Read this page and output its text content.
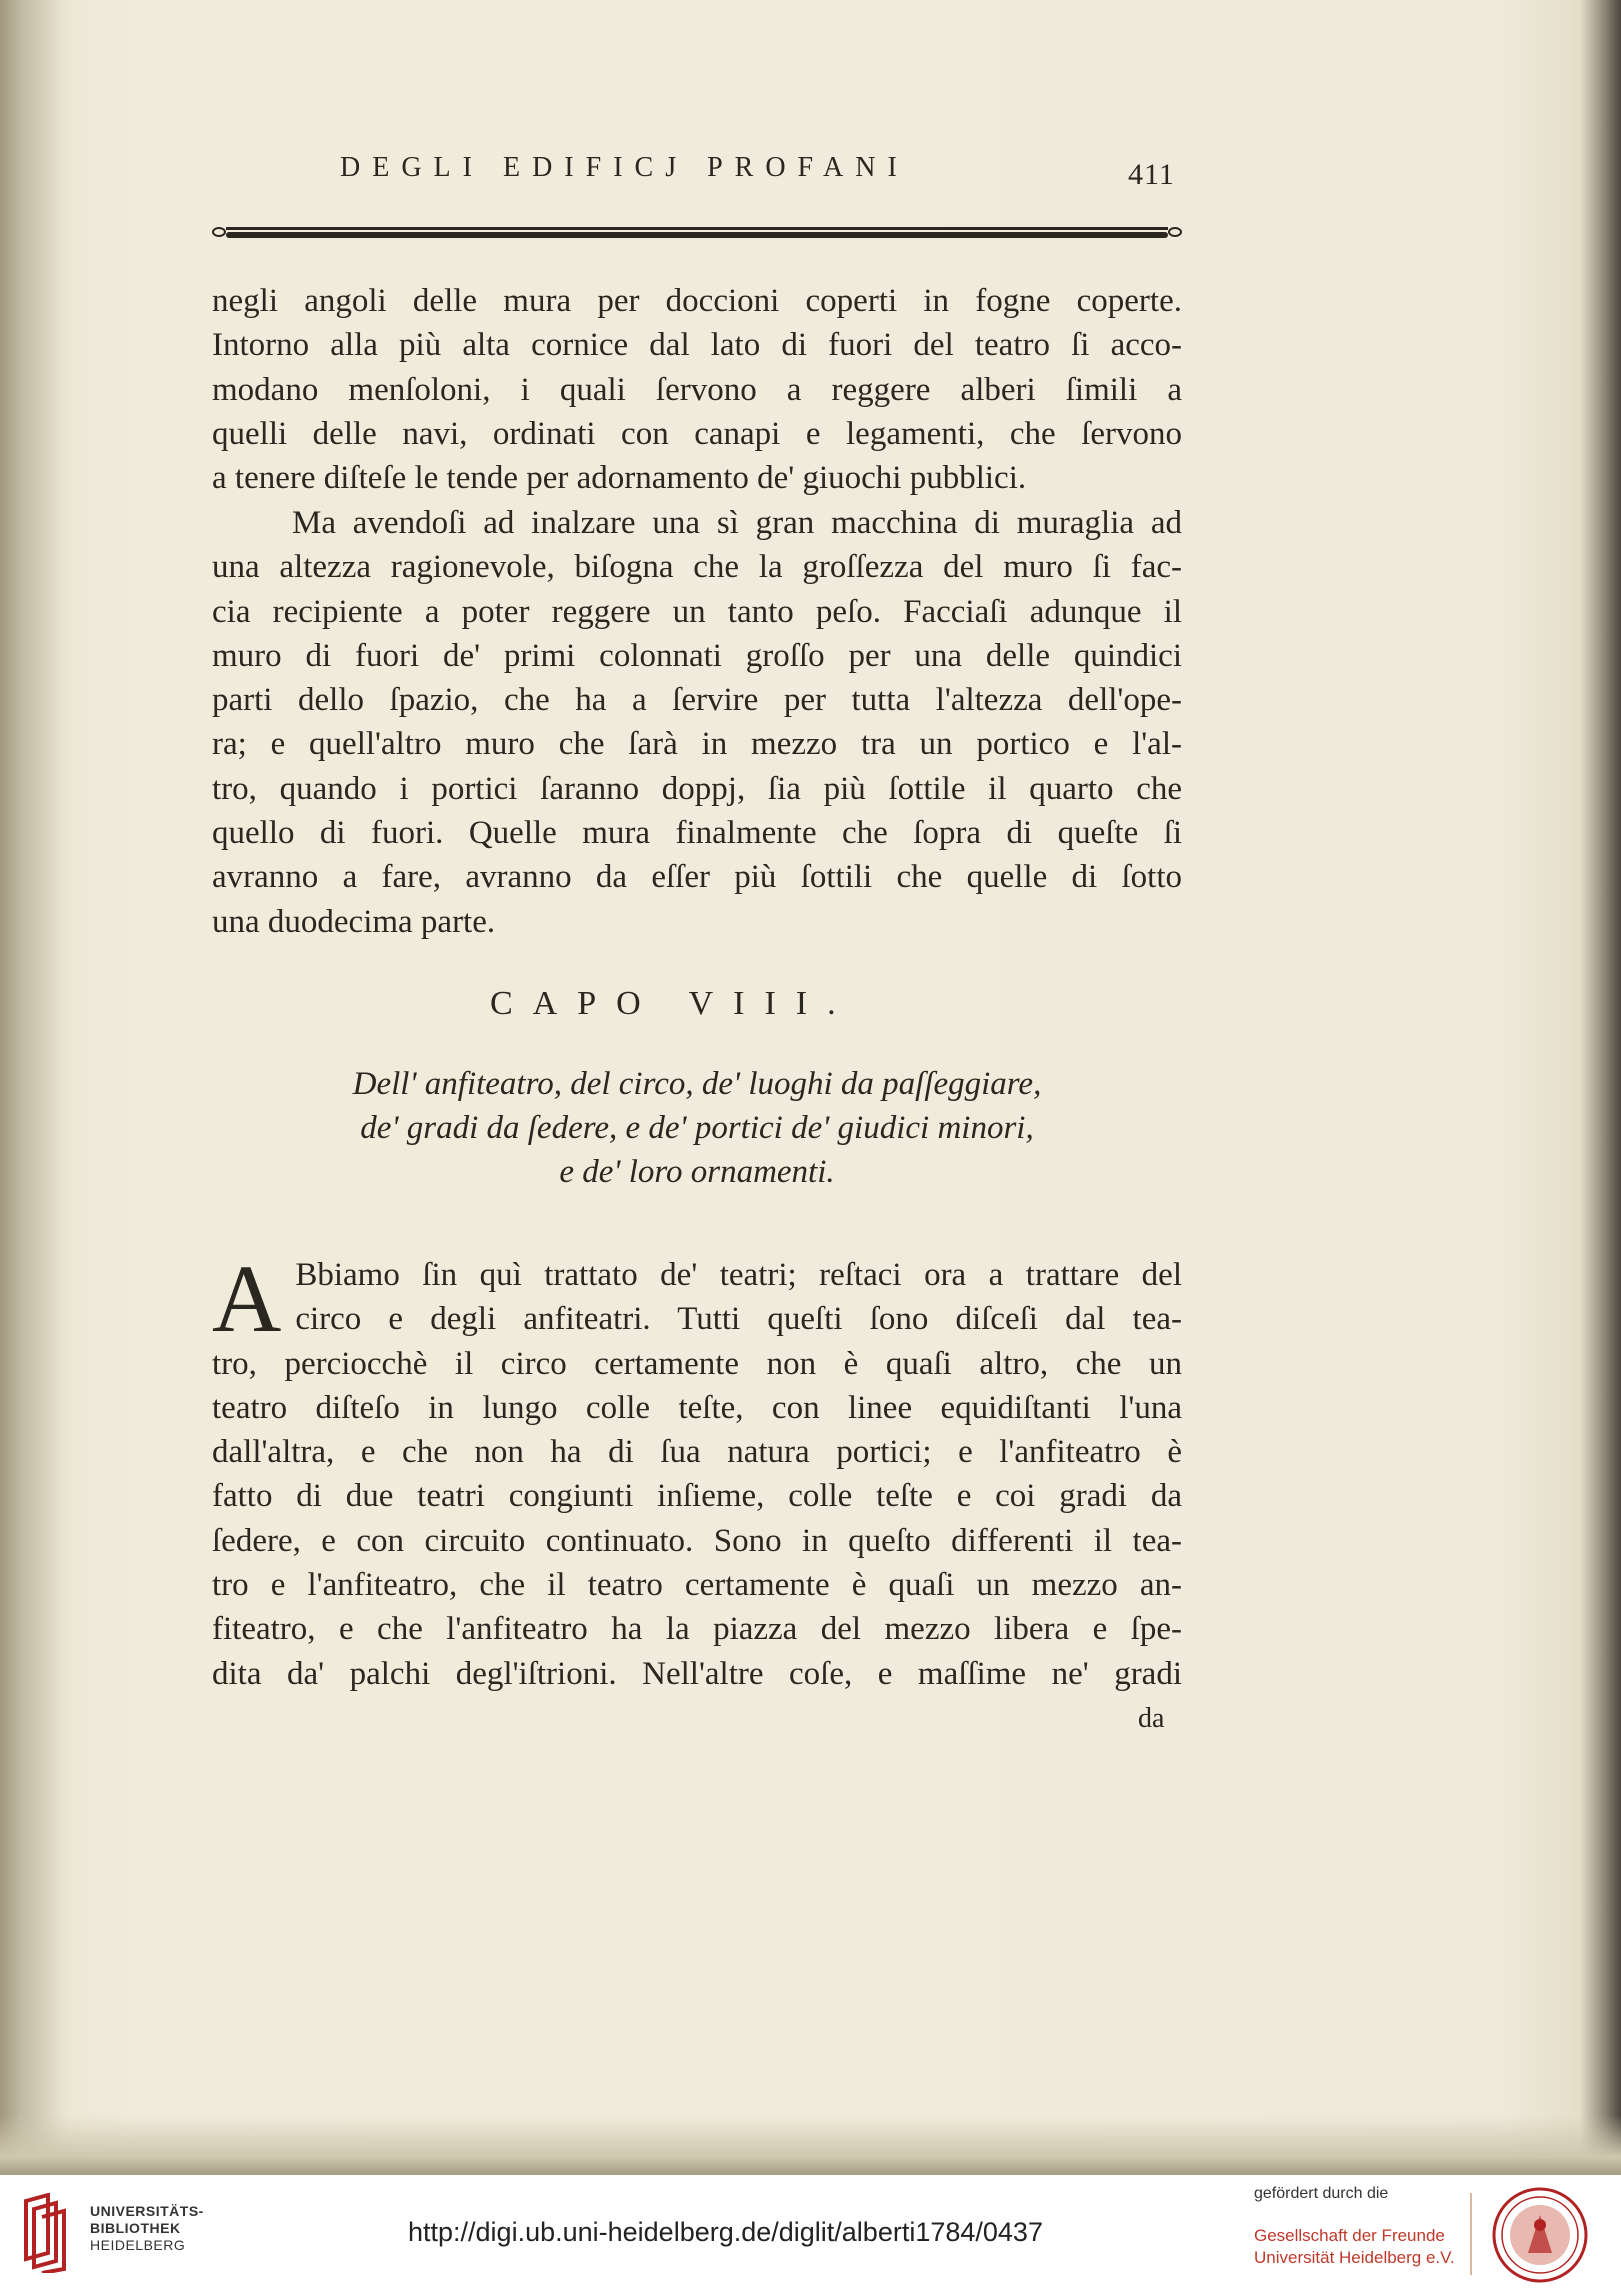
DEGLI EDIFICJ PROFANI	411

negli angoli delle mura per doccioni coperti in fogne coperte.

Intorno alla più alta cornice dal lato di fuori del teatro ſi acco-

modano menſoloni, i quali ſervono a reggere alberi ſimili a

quelli delle navi, ordinati con canapi e legamenti, che ſervono

a tenere diſteſe le tende per adornamento de' giuochi pubblici.

Ma avendoſi ad inalzare una sì gran macchina di muraglia ad

una altezza ragionevole, biſogna che la groſſezza del muro ſi fac-

cia recipiente a poter reggere un tanto peſo. Facciaſi adunque il

muro di fuori de' primi colonnati groſſo per una delle quindici

parti dello ſpazio, che ha a ſervire per tutta l'altezza dell'ope-

ra; e quell'altro muro che ſarà in mezzo tra un portico e l'al-

tro, quando i portici ſaranno doppj, ſia più ſottile il quarto che

quello di fuori. Quelle mura finalmente che ſopra di queſte ſi

avranno a fare, avranno da eſſer più ſottili che quelle di ſotto

una duodecima parte.

CAPO VIII.
Dell' anfiteatro, del circo, de' luoghi da paſſeggiare,
de' gradi da ſedere, e de' portici de' giudici minori,
e de' loro ornamenti.
A Bbiamo ſin quì trattato de' teatri; reſtaci ora a trattare del

circo e degli anfiteatri. Tutti queſti ſono diſceſi dal tea-

tro, perciocchè il circo certamente non è quaſi altro, che un

teatro diſteſo in lungo colle teſte, con linee equidiſtanti l'una

dall'altra, e che non ha di ſua natura portici; e l'anfiteatro è

fatto di due teatri congiunti inſieme, colle teſte e coi gradi da

ſedere, e con circuito continuato. Sono in queſto differenti il tea-

tro e l'anfiteatro, che il teatro certamente è quaſi un mezzo an-

fiteatro, e che l'anfiteatro ha la piazza del mezzo libera e ſpe-

dita da' palchi degl'iſtrioni. Nell'altre coſe, e maſſime ne' gradi

da
UNIVERSITÄTS-
BIBLIOTHEK
HEIDELBERG	http://digi.ub.uni-heidelberg.de/diglit/alberti1784/0437
gefördert durch die
Gesellschaft der Freunde
Universität Heidelberg e.V.
